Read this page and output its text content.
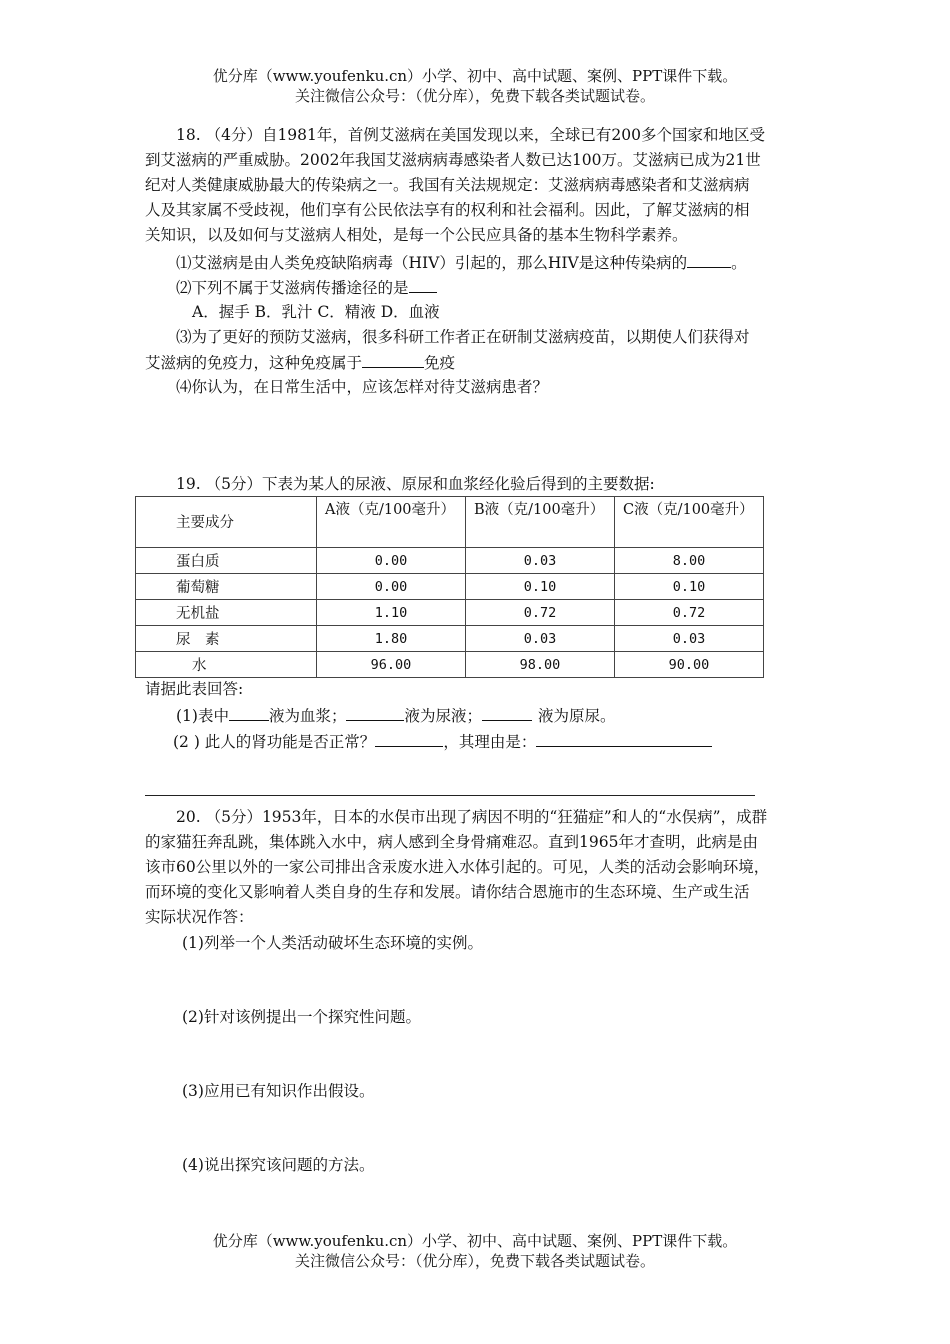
优分库（www.youfenku.cn）小学、初中、高中试题、案例、PPT课件下载。
关注微信公众号：（优分库），免费下载各类试题试卷。
18. （4分）自1981年，首例艾滋病在美国发现以来，全球已有200多个国家和地区受
到艾滋病的严重威胁。2002年我国艾滋病病毒感染者人数已达100万。艾滋病已成为21世
纪对人类健康威胁最大的传染病之一。我国有关法规规定：艾滋病病毒感染者和艾滋病病
人及其家属不受歧视，他们享有公民依法享有的权利和社会福利。因此，了解艾滋病的相
关知识，以及如何与艾滋病人相处，是每一个公民应具备的基本生物科学素养。
⑴艾滋病是由人类免疫缺陷病毒（HIV）引起的，那么HIV是这种传染病的	。
⑵下列不属于艾滋病传播途径的是
A．握手 B．乳汁 C．精液 D．血液
⑶为了更好的预防艾滋病，很多科研工作者正在研制艾滋病疫苗，以期使人们获得对
艾滋病的免疫力，这种免疫属于	免疫
⑷你认为，在日常生活中，应该怎样对待艾滋病患者？
19. （5分）下表为某人的尿液、原尿和血浆经化验后得到的主要数据:
主要成分	A液（克/100毫升）	B液（克/100毫升）	C液（克/100毫升）
蛋白质	0.00	0.03	8.00
葡萄糖	0.00	0.10	0.10
无机盐	1.10	0.72	0.72
尿　素	1.80	0.03	0.03
水	96.00	98.00	90.00
请据此表回答:
(1)表中	液为血浆；	液为尿液；	液为原尿。
(2 ) 此人的肾功能是否正常？	，其理由是：
20. （5分）1953年，日本的水俣市出现了病因不明的“狂猫症”和人的“水俣病”，成群
的家猫狂奔乱跳，集体跳入水中，病人感到全身骨痛难忍。直到1965年才查明，此病是由
该市60公里以外的一家公司排出含汞废水进入水体引起的。可见，人类的活动会影响环境，
而环境的变化又影响着人类自身的生存和发展。请你结合恩施市的生态环境、生产或生活
实际状况作答：
(1)列举一个人类活动破坏生态环境的实例。
(2)针对该例提出一个探究性问题。
(3)应用已有知识作出假设。
(4)说出探究该问题的方法。
优分库（www.youfenku.cn）小学、初中、高中试题、案例、PPT课件下载。
关注微信公众号：（优分库），免费下载各类试题试卷。
